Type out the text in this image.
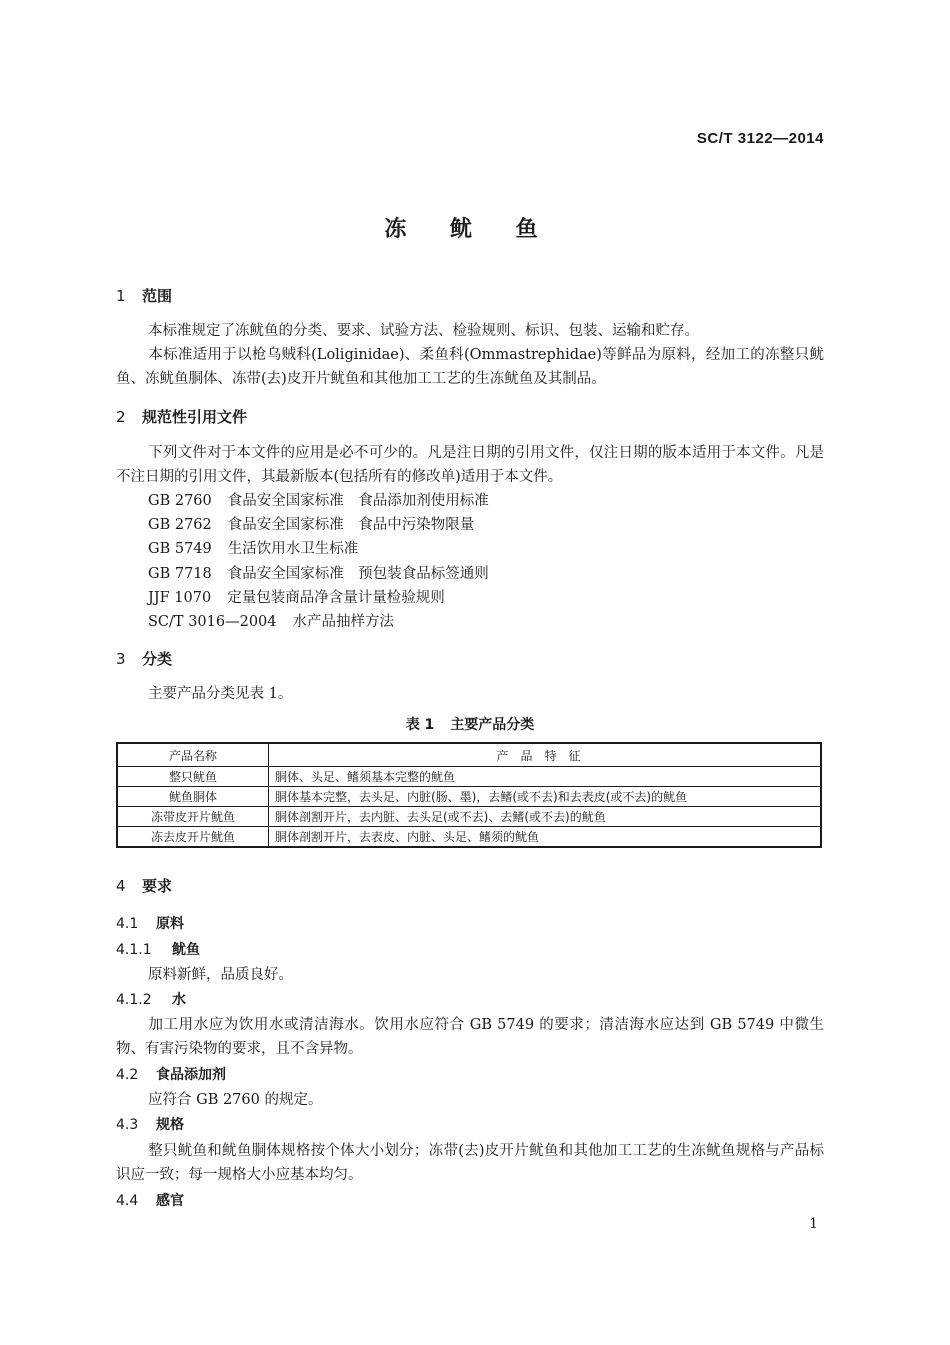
SC/T 3122—2014
冻 鱿 鱼
1 范围
本标准规定了冻鱿鱼的分类、要求、试验方法、检验规则、标识、包装、运输和贮存。
本标准适用于以枪乌贼科(Loliginidae)、柔鱼科(Ommastrephidae)等鲜品为原料，经加工的冻整只鱿鱼、冻鱿鱼胴体、冻带(去)皮开片鱿鱼和其他加工工艺的生冻鱿鱼及其制品。
2 规范性引用文件
下列文件对于本文件的应用是必不可少的。凡是注日期的引用文件，仅注日期的版本适用于本文件。凡是不注日期的引用文件，其最新版本(包括所有的修改单)适用于本文件。
GB 2760 食品安全国家标准　食品添加剂使用标准
GB 2762 食品安全国家标准　食品中污染物限量
GB 5749 生活饮用水卫生标准
GB 7718 食品安全国家标准　预包装食品标签通则
JJF 1070 定量包装商品净含量计量检验规则
SC/T 3016—2004 水产品抽样方法
3 分类
主要产品分类见表 1。
表 1 主要产品分类
产品名称	产品特征
整只鱿鱼	胴体、头足、鳍须基本完整的鱿鱼
鱿鱼胴体	胴体基本完整，去头足、内脏(肠、墨)，去鳍(或不去)和去表皮(或不去)的鱿鱼
冻带皮开片鱿鱼	胴体剖割开片，去内脏、去头足(或不去)、去鳍(或不去)的鱿鱼
冻去皮开片鱿鱼	胴体剖割开片，去表皮、内脏、头足、鳍须的鱿鱼
4 要求
4.1 原料
4.1.1 鱿鱼
原料新鲜，品质良好。
4.1.2 水
加工用水应为饮用水或清洁海水。饮用水应符合 GB 5749 的要求；清洁海水应达到 GB 5749 中微生物、有害污染物的要求，且不含异物。
4.2 食品添加剂
应符合 GB 2760 的规定。
4.3 规格
整只鱿鱼和鱿鱼胴体规格按个体大小划分；冻带(去)皮开片鱿鱼和其他加工工艺的生冻鱿鱼规格与产品标识应一致；每一规格大小应基本均匀。
4.4 感官
1
